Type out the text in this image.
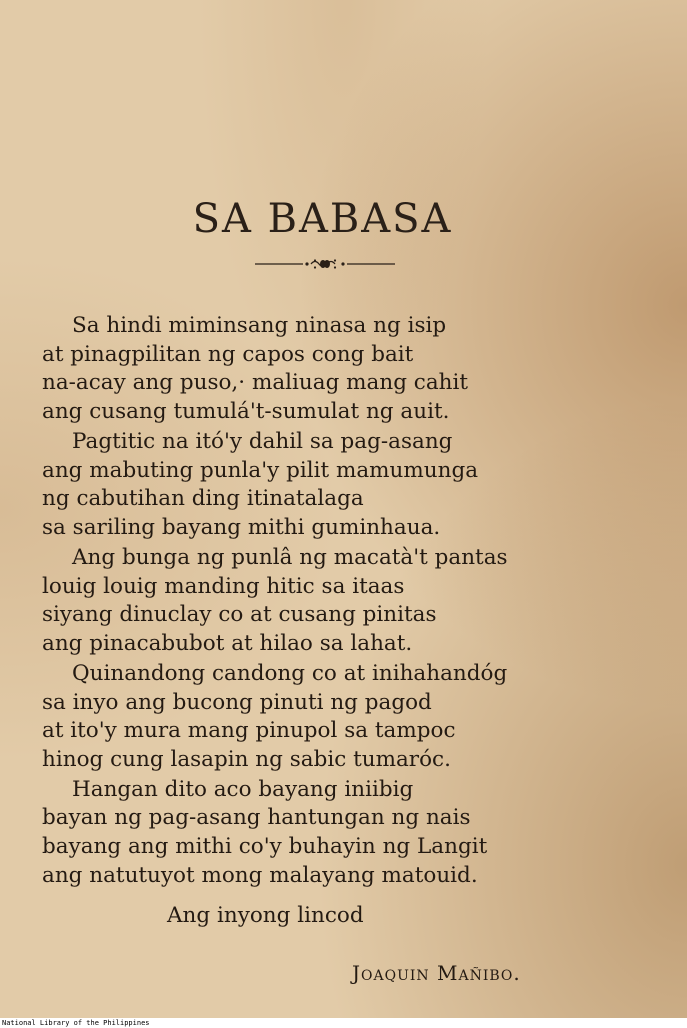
SA BABASA
Sa hindi miminsang ninasa ng isip
at pinagpilitan ng capos cong bait
na-acay ang puso,· maliuag mang cahit
ang cusang tumulá't-sumulat ng auit.
Pagtitic na itó'y dahil sa pag-asang
ang mabuting punla'y pilit mamumunga
ng cabutihan ding itinatalaga
sa sariling bayang mithi guminhaua.
Ang bunga ng punlâ ng macatà't pantas
louig louig manding hitic sa itaas
siyang dinuclay co at cusang pinitas
ang pinacabubot at hilao sa lahat.
Quinandong candong co at inihahandóg
sa inyo ang bucong pinuti ng pagod
at ito'y mura mang pinupol sa tampoc
hinog cung lasapin ng sabic tumaróc.
Hangan dito aco bayang iniibig
bayan ng pag-asang hantungan ng nais
bayang ang mithi co'y buhayin ng Langit
ang natutuyot mong malayang matouid.
Ang inyong lincod
Joaquin Mañibo.
National Library of the Philippines
